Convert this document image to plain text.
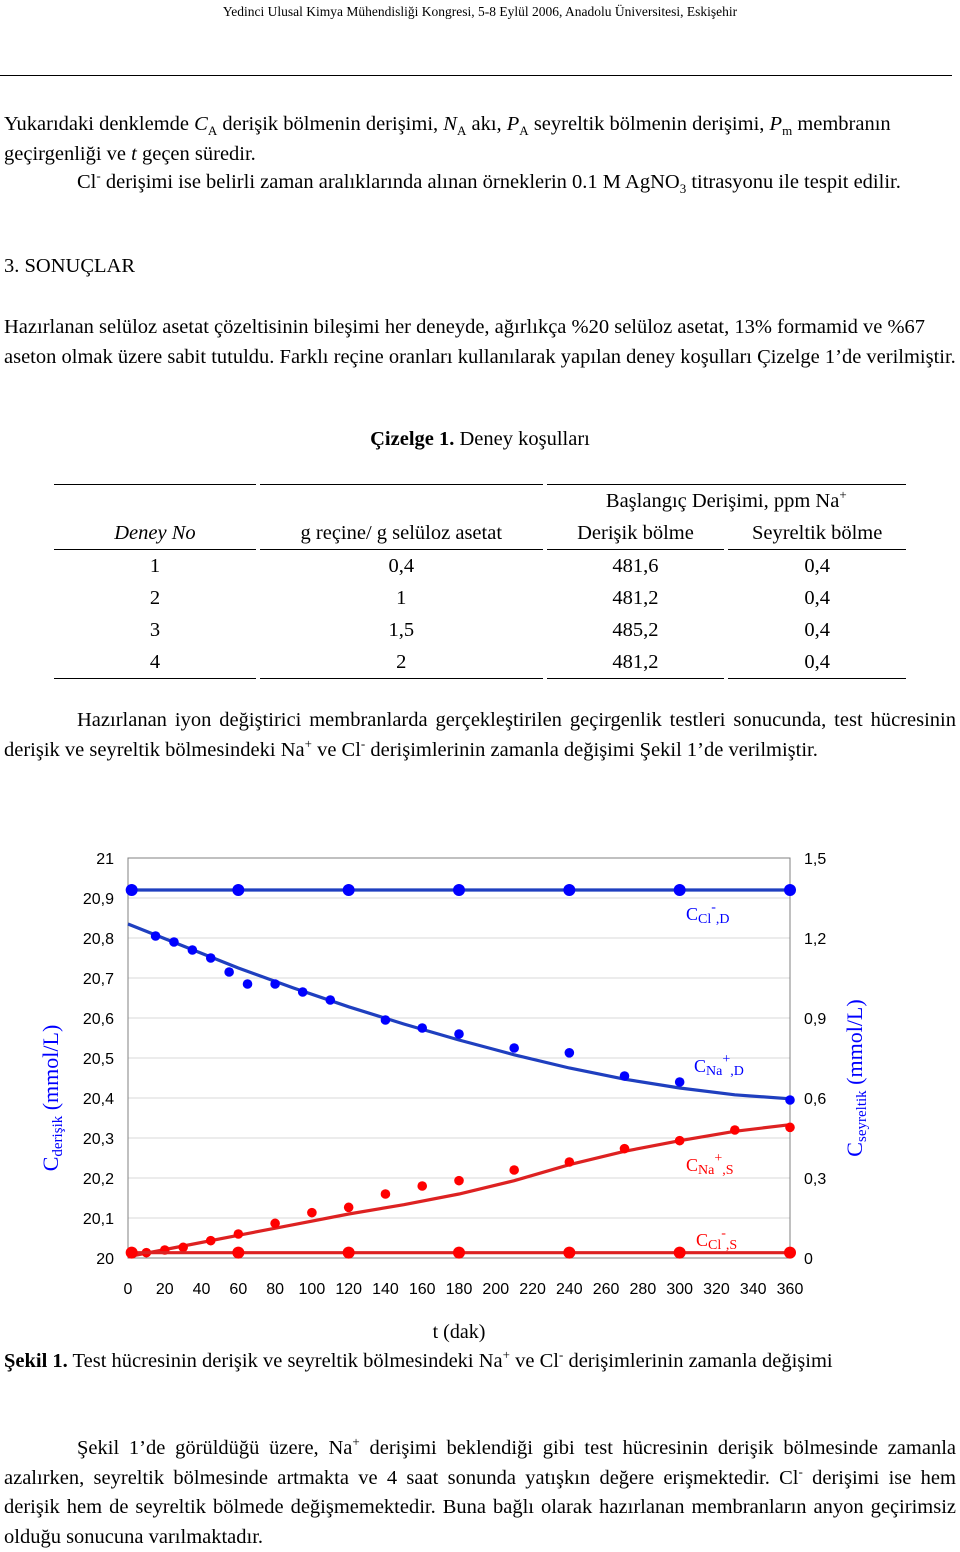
Yedinci Ulusal Kimya Mühendisliği Kongresi, 5-8 Eylül 2006, Anadolu Üniversitesi, Eskişehir

Yukarıdaki denklemde $C_A$ derişik bölmenin derişimi, $N_A$ akı, $P_A$ seyreltik bölmenin derişimi, $P_m$ membranın geçirgenliği ve t geçen süredir.

Cl- derişimi ise belirli zaman aralıklarında alınan örneklerin 0.1 M AgNO$_3$ titrasyonu ile tespit edilir.

3. SONUÇLAR

Hazırlanan selüloz asetat çözeltisinin bileşimi her deneyde, ağırlıkça %20 selüloz asetat, 13% formamid ve %67 aseton olmak üzere sabit tutuldu. Farklı reçine oranları kullanılarak yapılan deney koşulları Çizelge 1’de verilmiştir.

Çizelge 1. Deney koşulları
		Başlangıç Derişimi, ppm Na+
Deney No	g reçine/ g selüloz asetat	Derişik bölme	Seyreltik bölme
1	0,4	481,6	0,4
2	1	481,2	0,4
3	1,5	485,2	0,4
4	2	481,2	0,4

Hazırlanan iyon değiştirici membranlarda gerçekleştirilen geçirgenlik testleri sonucunda, test hücresinin derişik ve seyreltik bölmesindeki Na+ ve Cl- derişimlerinin zamanla değişimi Şekil 1’de verilmiştir.

20
20,1
20,2
20,3
20,4
20,5
20,6
20,7
20,8
20,9
21
0
0,3
0,6
0,9
1,2
1,5
0 20 40 60 80 100 120 140 160 180 200 220 240 260 280 300 320 340 360
CCl-$_{,D}$
CNa+$_{,D}$
CNa+$_{,S}$
CCl-$_{,S}$
t (dak)
Cderişik (mmol/L)
Cseyreltik (mmol/L)
Şekil 1. Test hücresinin derişik ve seyreltik bölmesindeki Na+ ve Cl- derişimlerinin zamanla değişimi

Şekil 1’de görüldüğü üzere, Na+ derişimi beklendiği gibi test hücresinin derişik bölmesinde zamanla azalırken, seyreltik bölmesinde artmakta ve 4 saat sonunda yatışkın değere erişmektedir. Cl- derişimi ise hem derişik hem de seyreltik bölmede değişmemektedir. Buna bağlı olarak hazırlanan membranların anyon geçirimsiz olduğu sonucuna varılmaktadır.
